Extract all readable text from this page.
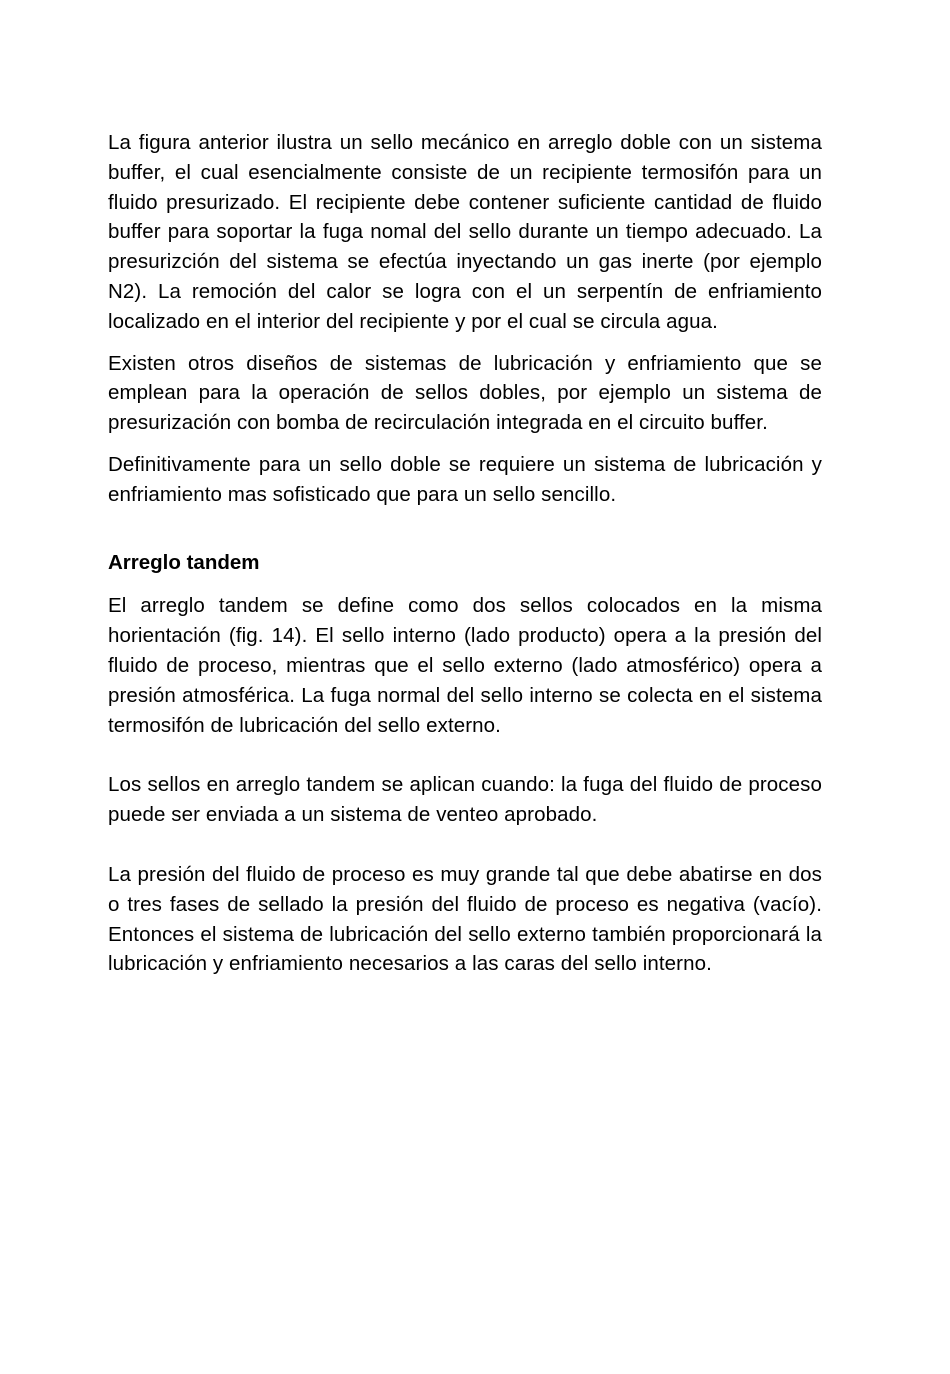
La figura anterior ilustra un sello mecánico en arreglo doble con un sistema buffer, el cual esencialmente consiste de un recipiente termosifón para un fluido presurizado. El recipiente debe contener suficiente cantidad de fluido buffer para soportar la fuga nomal del sello durante un tiempo adecuado. La presurizción del sistema se efectúa inyectando un gas inerte (por ejemplo N2). La remoción del calor se logra con el un serpentín de enfriamiento localizado en el interior del recipiente y por el cual se circula agua.

Existen otros diseños de sistemas de lubricación y enfriamiento que se emplean para la operación de sellos dobles, por ejemplo un sistema de presurización con bomba de recirculación integrada en el circuito buffer.

Definitivamente para un sello doble se requiere un sistema de lubricación y enfriamiento mas sofisticado que para un sello sencillo.

Arreglo tandem

El arreglo tandem se define como dos sellos colocados en la misma horientación (fig. 14). El sello interno (lado producto) opera a la presión del fluido de proceso, mientras que el sello externo (lado atmosférico) opera a presión atmosférica. La fuga normal del sello interno se colecta en el sistema termosifón de lubricación del sello externo.

Los sellos en arreglo tandem se aplican cuando: la fuga del fluido de proceso puede ser enviada a un sistema de venteo aprobado.

La presión del fluido de proceso es muy grande tal que debe abatirse en dos o tres fases de sellado la presión del fluido de proceso es negativa (vacío). Entonces el sistema de lubricación del sello externo también proporcionará la lubricación y enfriamiento necesarios a las caras del sello interno.
